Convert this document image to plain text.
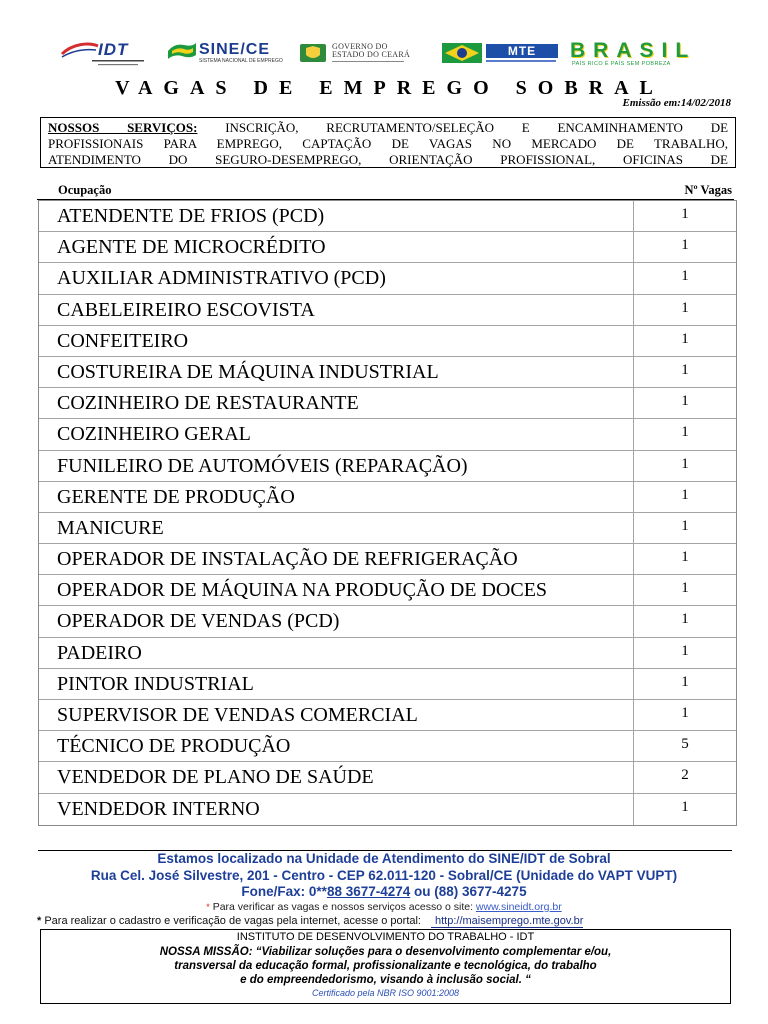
IDT	SINE/CE
SISTEMA NACIONAL DE EMPREGO
GOVERNO DO
ESTADO DO CEARÁ	MTE	BRASIL
PAÍS RICO É PAÍS SEM POBREZA
VAGAS DE EMPREGO SOBRAL
Emissão em:14/02/2018
NOSSOS SERVIÇOS: INSCRIÇÃO, RECRUTAMENTO/SELEÇÃO E ENCAMINHAMENTO DE
PROFISSIONAIS PARA EMPREGO, CAPTAÇÃO DE VAGAS NO MERCADO DE TRABALHO,
ATENDIMENTO DO SEGURO-DESEMPREGO, ORIENTAÇÃO PROFISSIONAL, OFICINAS DE
Ocupação	Nº Vagas
ATENDENTE DE FRIOS (PCD)	1
AGENTE DE MICROCRÉDITO	1
AUXILIAR ADMINISTRATIVO (PCD)	1
CABELEIREIRO ESCOVISTA	1
CONFEITEIRO	1
COSTUREIRA DE MÁQUINA INDUSTRIAL	1
COZINHEIRO DE RESTAURANTE	1
COZINHEIRO GERAL	1
FUNILEIRO DE AUTOMÓVEIS (REPARAÇÃO)	1
GERENTE DE PRODUÇÃO	1
MANICURE	1
OPERADOR DE INSTALAÇÃO DE REFRIGERAÇÃO	1
OPERADOR DE MÁQUINA NA PRODUÇÃO DE DOCES	1
OPERADOR DE VENDAS (PCD)	1
PADEIRO	1
PINTOR INDUSTRIAL	1
SUPERVISOR DE VENDAS COMERCIAL	1
TÉCNICO DE PRODUÇÃO	5
VENDEDOR DE PLANO DE SAÚDE	2
VENDEDOR INTERNO	1
Estamos localizado na Unidade de Atendimento do SINE/IDT de Sobral
Rua Cel. José Silvestre, 201 - Centro - CEP 62.011-120 - Sobral/CE (Unidade do VAPT VUPT)
Fone/Fax: 0**88 3677-4274 ou (88) 3677-4275
* Para verificar as vagas e nossos serviços acesso o site: www.sineidt.org.br
* Para realizar o cadastro e verificação de vagas pela internet, acesse o portal: http://maisemprego.mte.gov.br
INSTITUTO DE DESENVOLVIMENTO DO TRABALHO - IDT
NOSSA MISSÃO: “Viabilizar soluções para o desenvolvimento complementar e/ou,
transversal da educação formal, profissionalizante e tecnológica, do trabalho
e do empreendedorismo, visando à inclusão social. “
Certificado pela NBR ISO 9001:2008
